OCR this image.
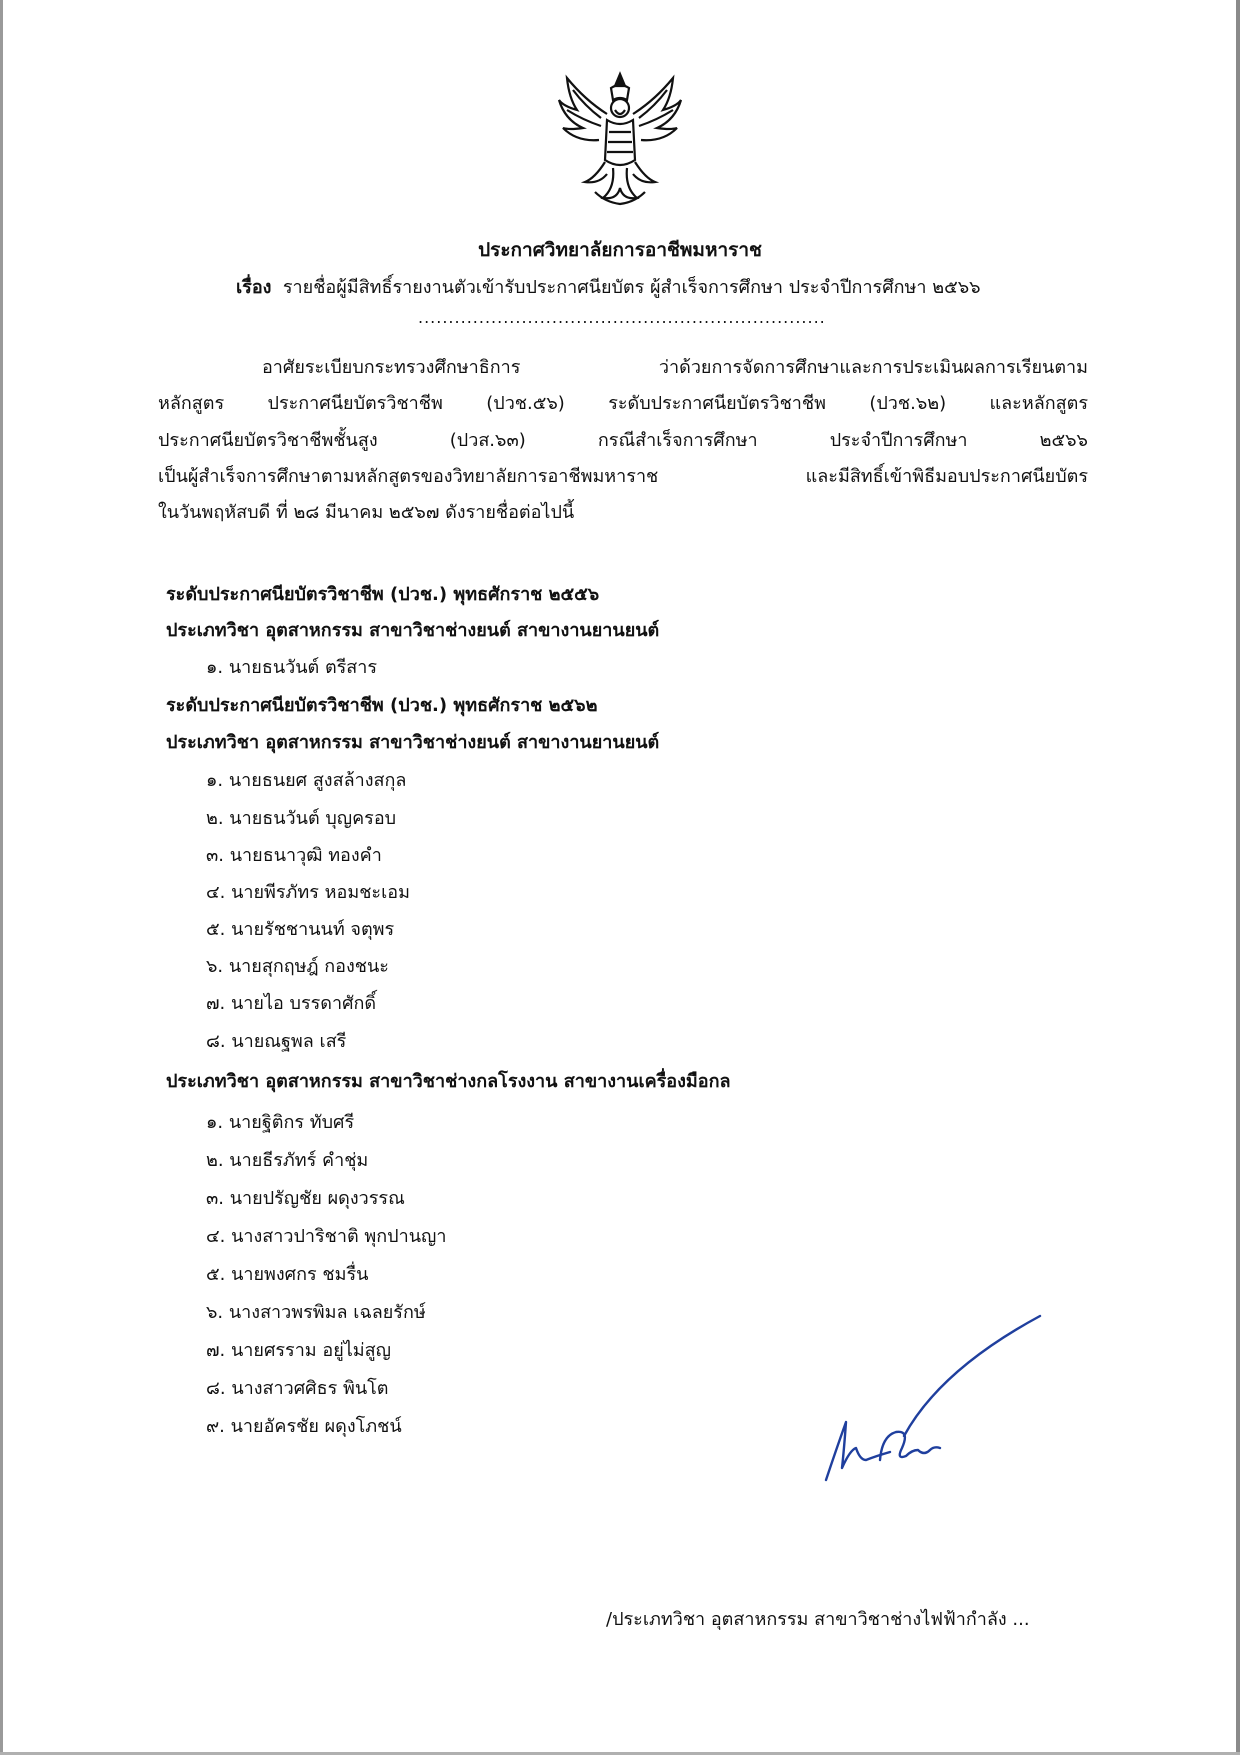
ประกาศวิทยาลัยการอาชีพมหาราช
เรื่อง รายชื่อผู้มีสิทธิ์รายงานตัวเข้ารับประกาศนียบัตร ผู้สำเร็จการศึกษา ประจำปีการศึกษา ๒๕๖๖
...................................................................
อาศัยระเบียบกระทรวงศึกษาธิการ ว่าด้วยการจัดการศึกษาและการประเมินผลการเรียนตาม
หลักสูตร ประกาศนียบัตรวิชาชีพ (ปวช.๕๖) ระดับประกาศนียบัตรวิชาชีพ (ปวช.๖๒) และหลักสูตร
ประกาศนียบัตรวิชาชีพชั้นสูง (ปวส.๖๓) กรณีสำเร็จการศึกษา ประจำปีการศึกษา ๒๕๖๖
เป็นผู้สำเร็จการศึกษาตามหลักสูตรของวิทยาลัยการอาชีพมหาราช และมีสิทธิ์เข้าพิธีมอบประกาศนียบัตร
ในวันพฤหัสบดี ที่ ๒๘ มีนาคม ๒๕๖๗ ดังรายชื่อต่อไปนี้
ระดับประกาศนียบัตรวิชาชีพ (ปวช.) พุทธศักราช ๒๕๕๖
ประเภทวิชา อุตสาหกรรม สาขาวิชาช่างยนต์ สาขางานยานยนต์
๑. นายธนวันต์ ตรีสาร
ระดับประกาศนียบัตรวิชาชีพ (ปวช.) พุทธศักราช ๒๕๖๒
ประเภทวิชา อุตสาหกรรม สาขาวิชาช่างยนต์ สาขางานยานยนต์
๑. นายธนยศ สูงสล้างสกุล
๒. นายธนวันต์ บุญครอบ
๓. นายธนาวุฒิ ทองคำ
๔. นายพีรภัทร หอมชะเอม
๕. นายรัชชานนท์ จตุพร
๖. นายสุกฤษฎ์ กองชนะ
๗. นายไอ บรรดาศักดิ์
๘. นายณฐพล เสรี
ประเภทวิชา อุตสาหกรรม สาขาวิชาช่างกลโรงงาน สาขางานเครื่องมือกล
๑. นายฐิติกร ทับศรี
๒. นายธีรภัทร์ คำชุ่ม
๓. นายปรัญชัย ผดุงวรรณ
๔. นางสาวปาริชาติ พุกปานญา
๕. นายพงศกร ชมรื่น
๖. นางสาวพรพิมล เฉลยรักษ์
๗. นายศรราม อยู่ไม่สูญ
๘. นางสาวศศิธร พินโต
๙. นายอัครชัย ผดุงโภชน์
/ประเภทวิชา อุตสาหกรรม สาขาวิชาช่างไฟฟ้ากำลัง ...
